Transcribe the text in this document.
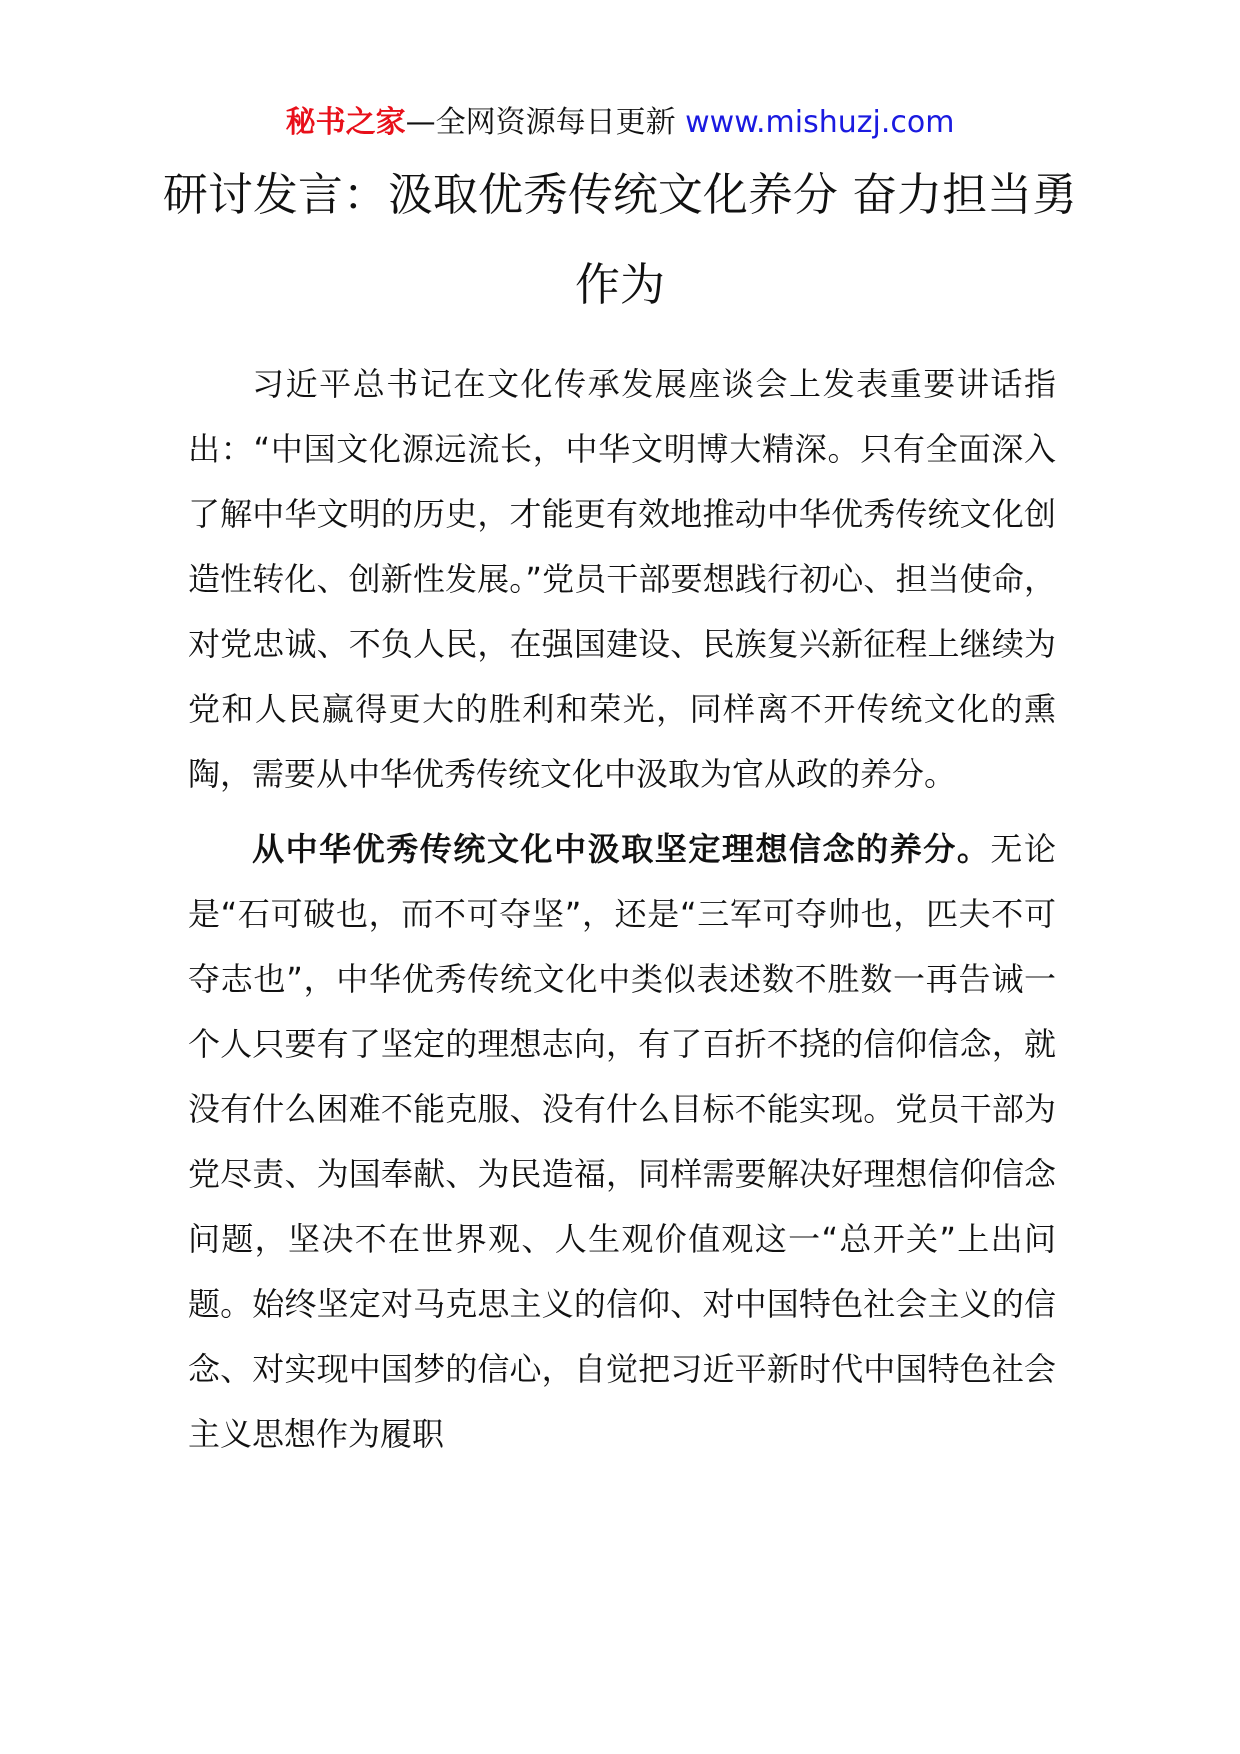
秘书之家—全网资源每日更新 www.mishuzj.com
研讨发言：汲取优秀传统文化养分 奋力担当勇作为

习近平总书记在文化传承发展座谈会上发表重要讲话指出：“中国文化源远流长，中华文明博大精深。只有全面深入了解中华文明的历史，才能更有效地推动中华优秀传统文化创造性转化、创新性发展。”党员干部要想践行初心、担当使命，对党忠诚、不负人民，在强国建设、民族复兴新征程上继续为党和人民赢得更大的胜利和荣光，同样离不开传统文化的熏陶，需要从中华优秀传统文化中汲取为官从政的养分。

从中华优秀传统文化中汲取坚定理想信念的养分。无论是“石可破也，而不可夺坚”，还是“三军可夺帅也，匹夫不可夺志也”，中华优秀传统文化中类似表述数不胜数一再告诫一个人只要有了坚定的理想志向，有了百折不挠的信仰信念，就没有什么困难不能克服、没有什么目标不能实现。党员干部为党尽责、为国奉献、为民造福，同样需要解决好理想信仰信念问题，坚决不在世界观、人生观价值观这一“总开关”上出问题。始终坚定对马克思主义的信仰、对中国特色社会主义的信念、对实现中国梦的信心，自觉把习近平新时代中国特色社会主义思想作为履职
